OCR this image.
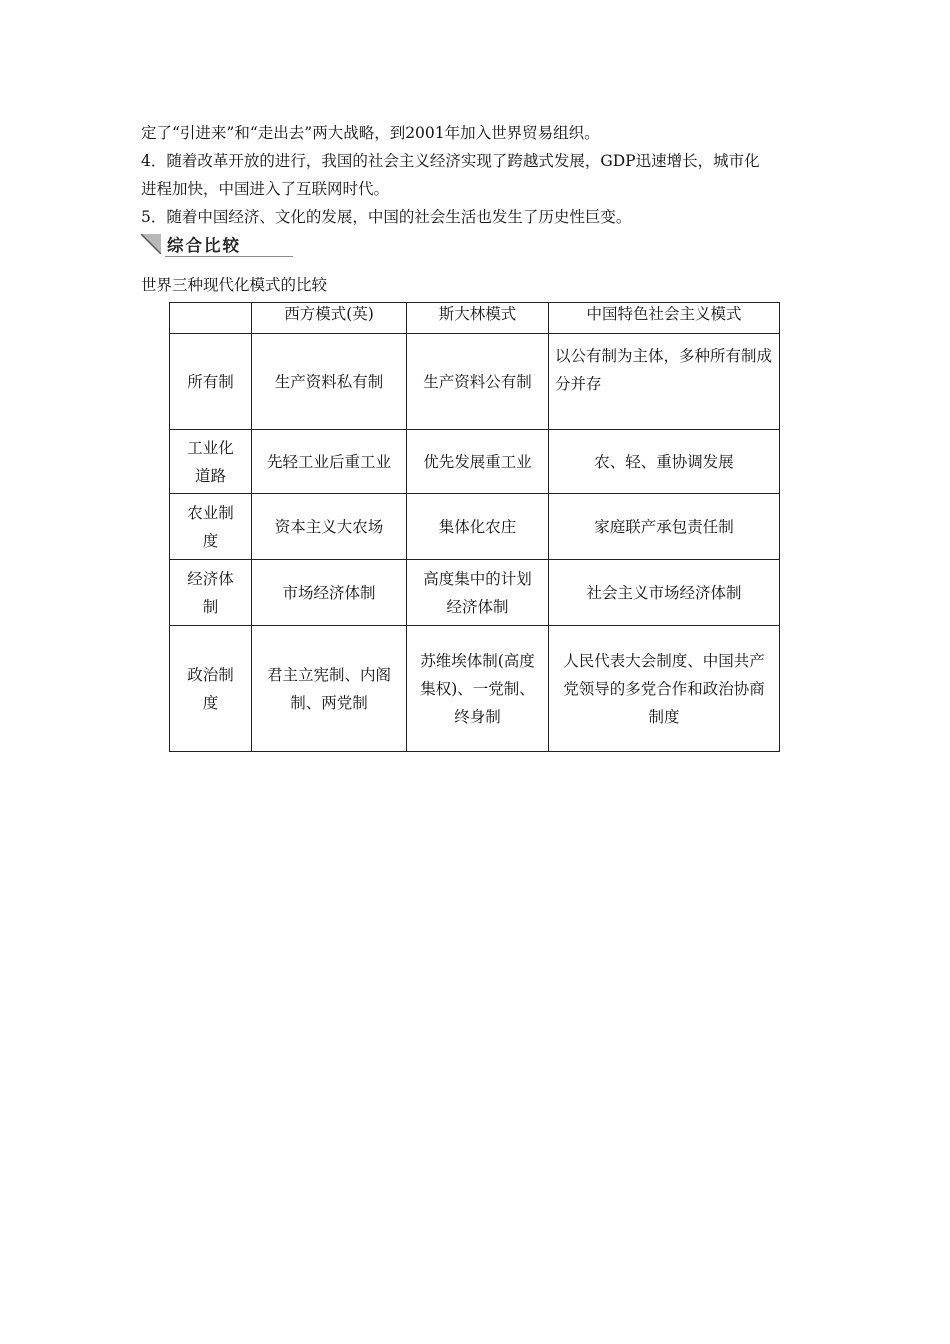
定了“引进来”和“走出去”两大战略，到2001年加入世界贸易组织。
4．随着改革开放的进行，我国的社会主义经济实现了跨越式发展，GDP迅速增长，城市化
进程加快，中国进入了互联网时代。
5．随着中国经济、文化的发展，中国的社会生活也发生了历史性巨变。
综合比较
世界三种现代化模式的比较
	西方模式(英)	斯大林模式	中国特色社会主义模式
所有制	生产资料私有制	生产资料公有制	以公有制为主体，多种所有制成分并存
工业化道路	先轻工业后重工业	优先发展重工业	农、轻、重协调发展
农业制度	资本主义大农场	集体化农庄	家庭联产承包责任制
经济体制	市场经济体制	高度集中的计划经济体制	社会主义市场经济体制
政治制度	君主立宪制、内阁制、两党制	苏维埃体制(高度集权)、一党制、终身制	人民代表大会制度、中国共产党领导的多党合作和政治协商制度
